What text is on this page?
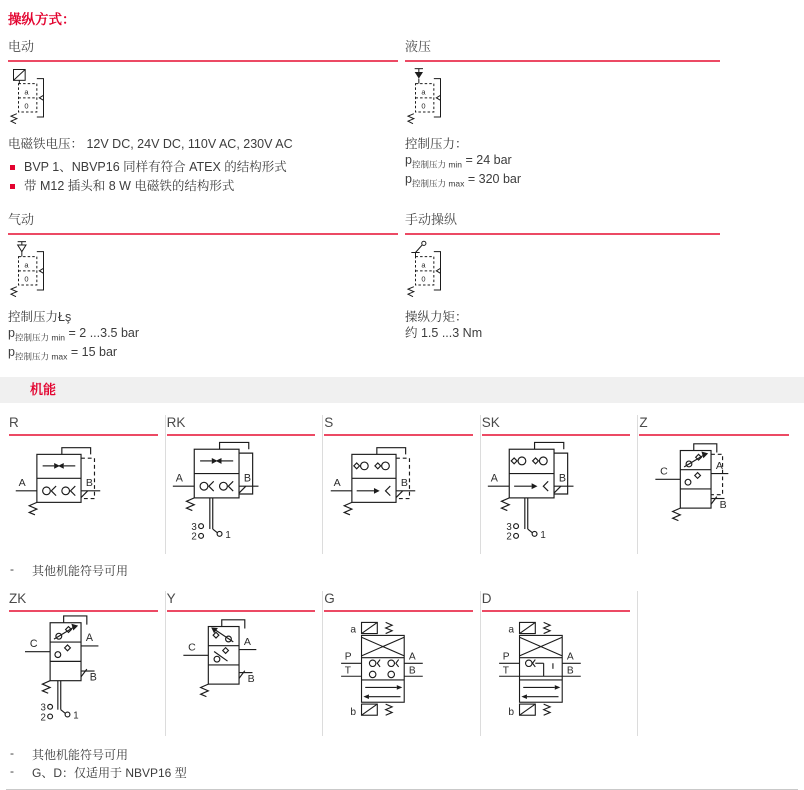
操纵方式：
电动
a
0

电磁铁电压： 12V DC, 24V DC, 110V AC, 230V AC

BVP 1、NBVP16 同样有符合 ATEX 的结构形式
带 M12 插头和 8 W 电磁铁的结构形式
液压
a
0

控制压力：

$p_{控制压力 min} = 24$ bar

$p_{控制压力 max} = 320$ bar

气动
a
0

控制压力Łş

$p_{控制压力 min} = 2$ ...3.5 bar

$p_{控制压力 max} = 15$ bar

手动操纵
a
0

操纵力矩：

约 1.5 ...3 Nm

机能
R
A	B
RK
A	B
3
2	1
S
A	B
SK
A	B
3
2	1
Z
C	A
B
-	其他机能符号可用
ZK
C	A
B
3
2	1
Y
C	A
B
G
a
P
T
A
B
b
D
a
P
T
A
B
b
-	其他机能符号可用
-	G、D：仅适用于 NBVP16 型
